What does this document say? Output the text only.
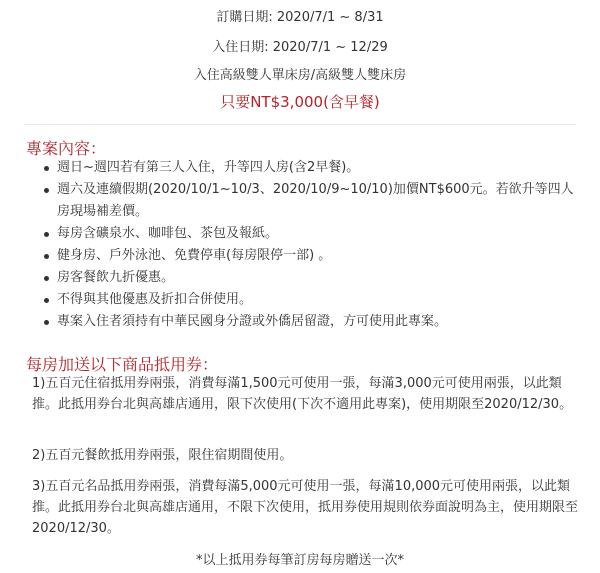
訂購日期: 2020/7/1 ~ 8/31
入住日期: 2020/7/1 ~ 12/29
入住高級雙人單床房/高級雙人雙床房
只要NT$3,000(含早餐)
專案內容：
週日~週四若有第三人入住，升等四人房(含2早餐)。
週六及連續假期(2020/10/1~10/3、2020/10/9~10/10)加價NT$600元。若欲升等四人房現場補差價。
每房含礦泉水、咖啡包、茶包及報紙。
健身房、戶外泳池、免費停車(每房限停一部) 。
房客餐飲九折優惠。
不得與其他優惠及折扣合併使用。
專案入住者須持有中華民國身分證或外僑居留證，方可使用此專案。
每房加送以下商品抵用券：
1)五百元住宿抵用券兩張，消費每滿1,500元可使用一張，每滿3,000元可使用兩張，以此類推。此抵用券台北與高雄店通用，限下次使用(下次不適用此專案)，使用期限至2020/12/30。
2)五百元餐飲抵用券兩張，限住宿期間使用。
3)五百元名品抵用券兩張，消費每滿5,000元可使用一張，每滿10,000元可使用兩張，以此類推。此抵用券台北與高雄店通用，不限下次使用，抵用券使用規則依券面說明為主，使用期限至2020/12/30。
*以上抵用券每筆訂房每房贈送一次*
